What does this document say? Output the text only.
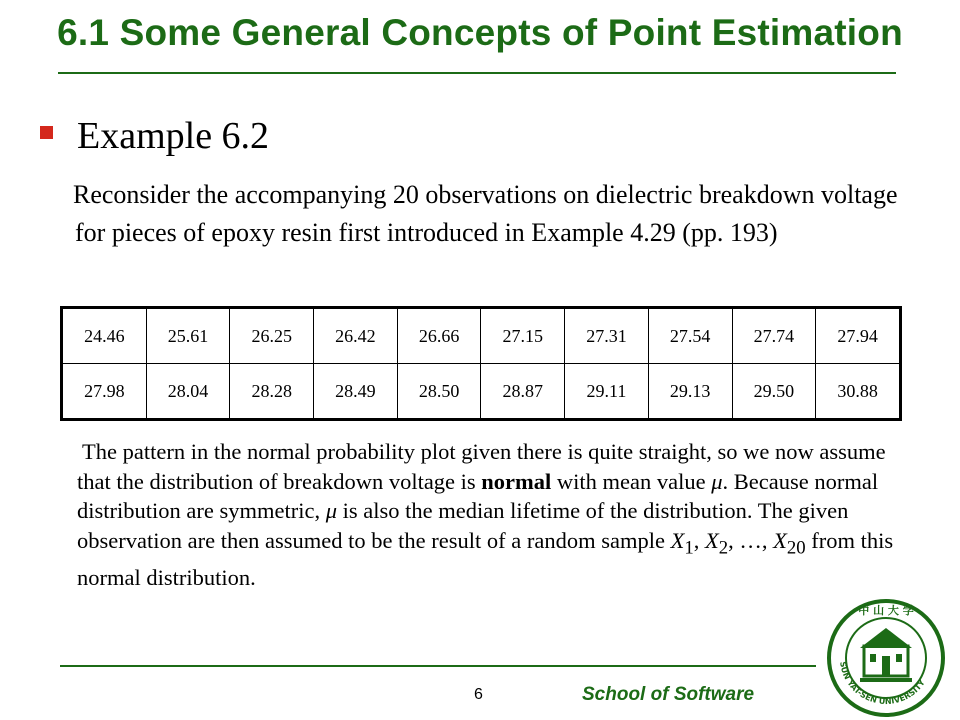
6.1 Some General Concepts of Point Estimation
Example 6.2
Reconsider the accompanying 20 observations on dielectric breakdown voltage for pieces of epoxy resin first introduced in Example 4.29 (pp. 193)
24.46	25.61	26.25	26.42	26.66	27.15	27.31	27.54	27.74	27.94
27.98	28.04	28.28	28.49	28.50	28.87	29.11	29.13	29.50	30.88
The pattern in the normal probability plot given there is quite straight, so we now assume that the distribution of breakdown voltage is normal with mean value μ. Because normal distribution are symmetric, μ is also the median lifetime of the distribution. The given observation are then assumed to be the result of a random sample $X_1$, $X_2$, …, $X_{20}$ from this normal distribution.
6	School of Software
中 山 大 学
SUN YAT-SEN UNIVERSITY
